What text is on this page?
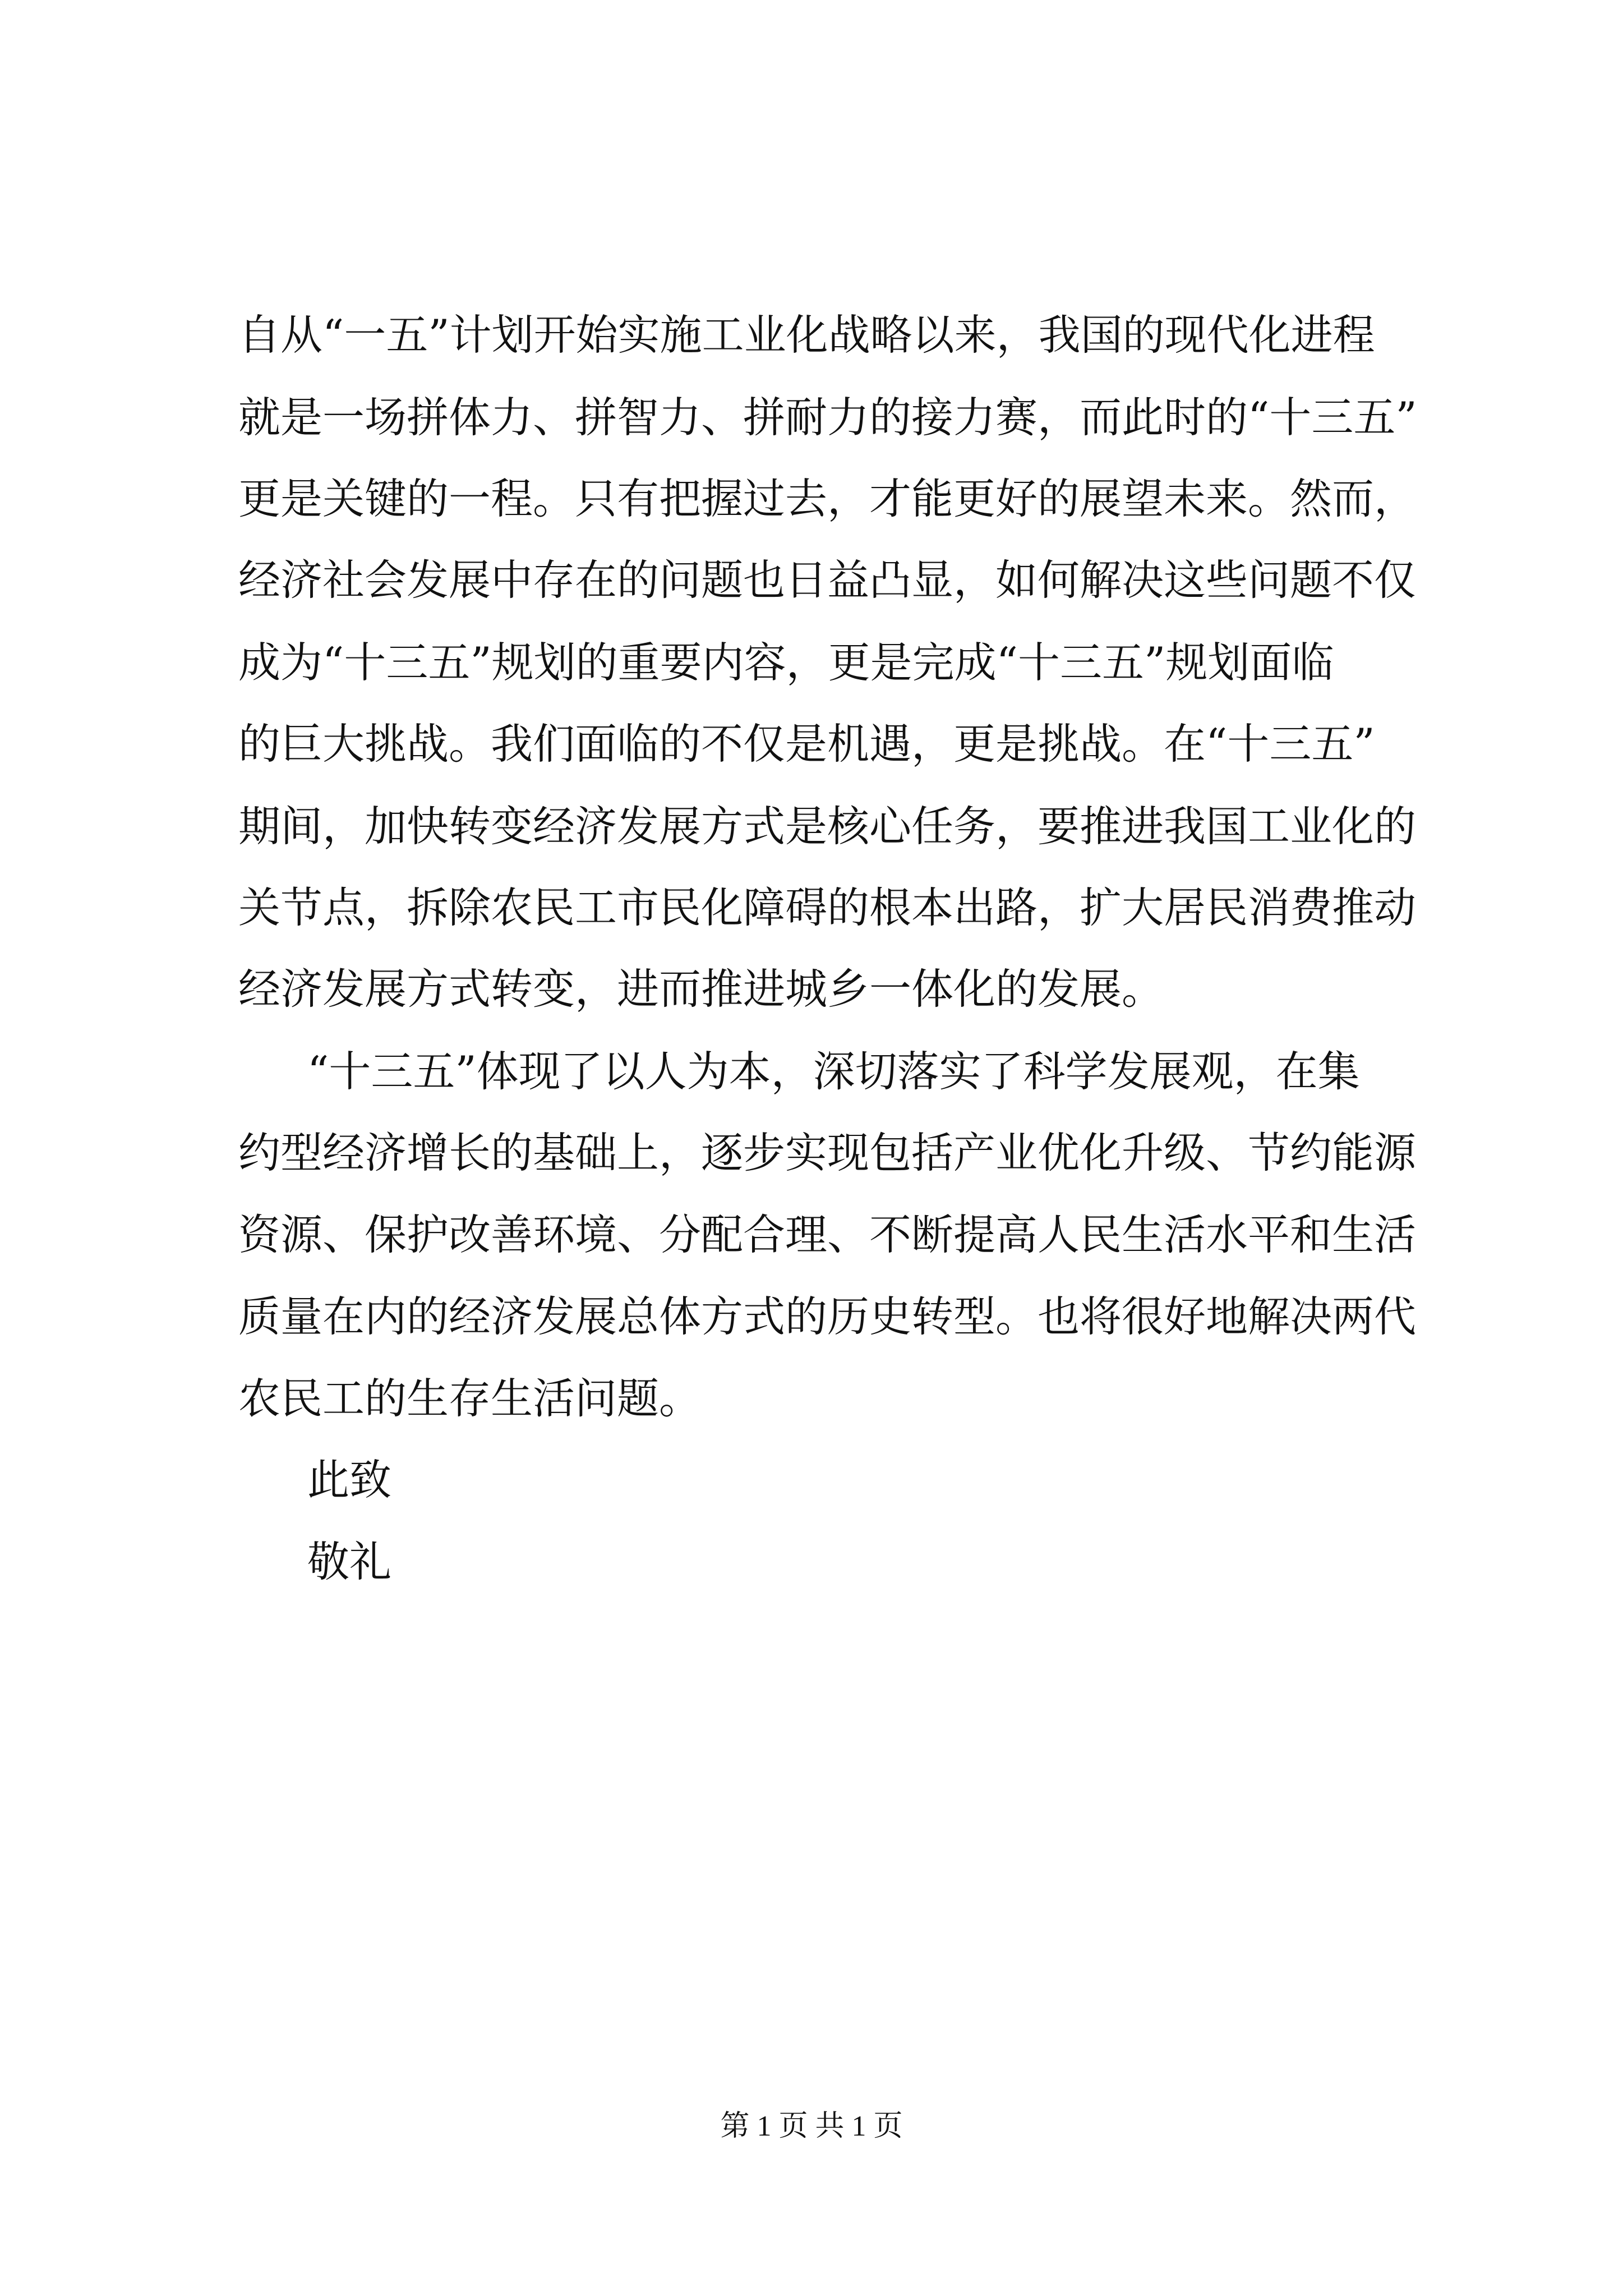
自从“一五”计划开始实施工业化战略以来，我国的现代化进程
就是一场拼体力、拼智力、拼耐力的接力赛，而此时的“十三五”
更是关键的一程。只有把握过去，才能更好的展望未来。然而，
经济社会发展中存在的问题也日益凸显，如何解决这些问题不仅
成为“十三五”规划的重要内容，更是完成“十三五”规划面临
的巨大挑战。我们面临的不仅是机遇，更是挑战。在“十三五”
期间，加快转变经济发展方式是核心任务，要推进我国工业化的
关节点，拆除农民工市民化障碍的根本出路，扩大居民消费推动
经济发展方式转变，进而推进城乡一体化的发展。
“十三五”体现了以人为本，深切落实了科学发展观，在集
约型经济增长的基础上，逐步实现包括产业优化升级、节约能源
资源、保护改善环境、分配合理、不断提高人民生活水平和生活
质量在内的经济发展总体方式的历史转型。也将很好地解决两代
农民工的生存生活问题。
此致
敬礼
第 1 页 共 1 页
